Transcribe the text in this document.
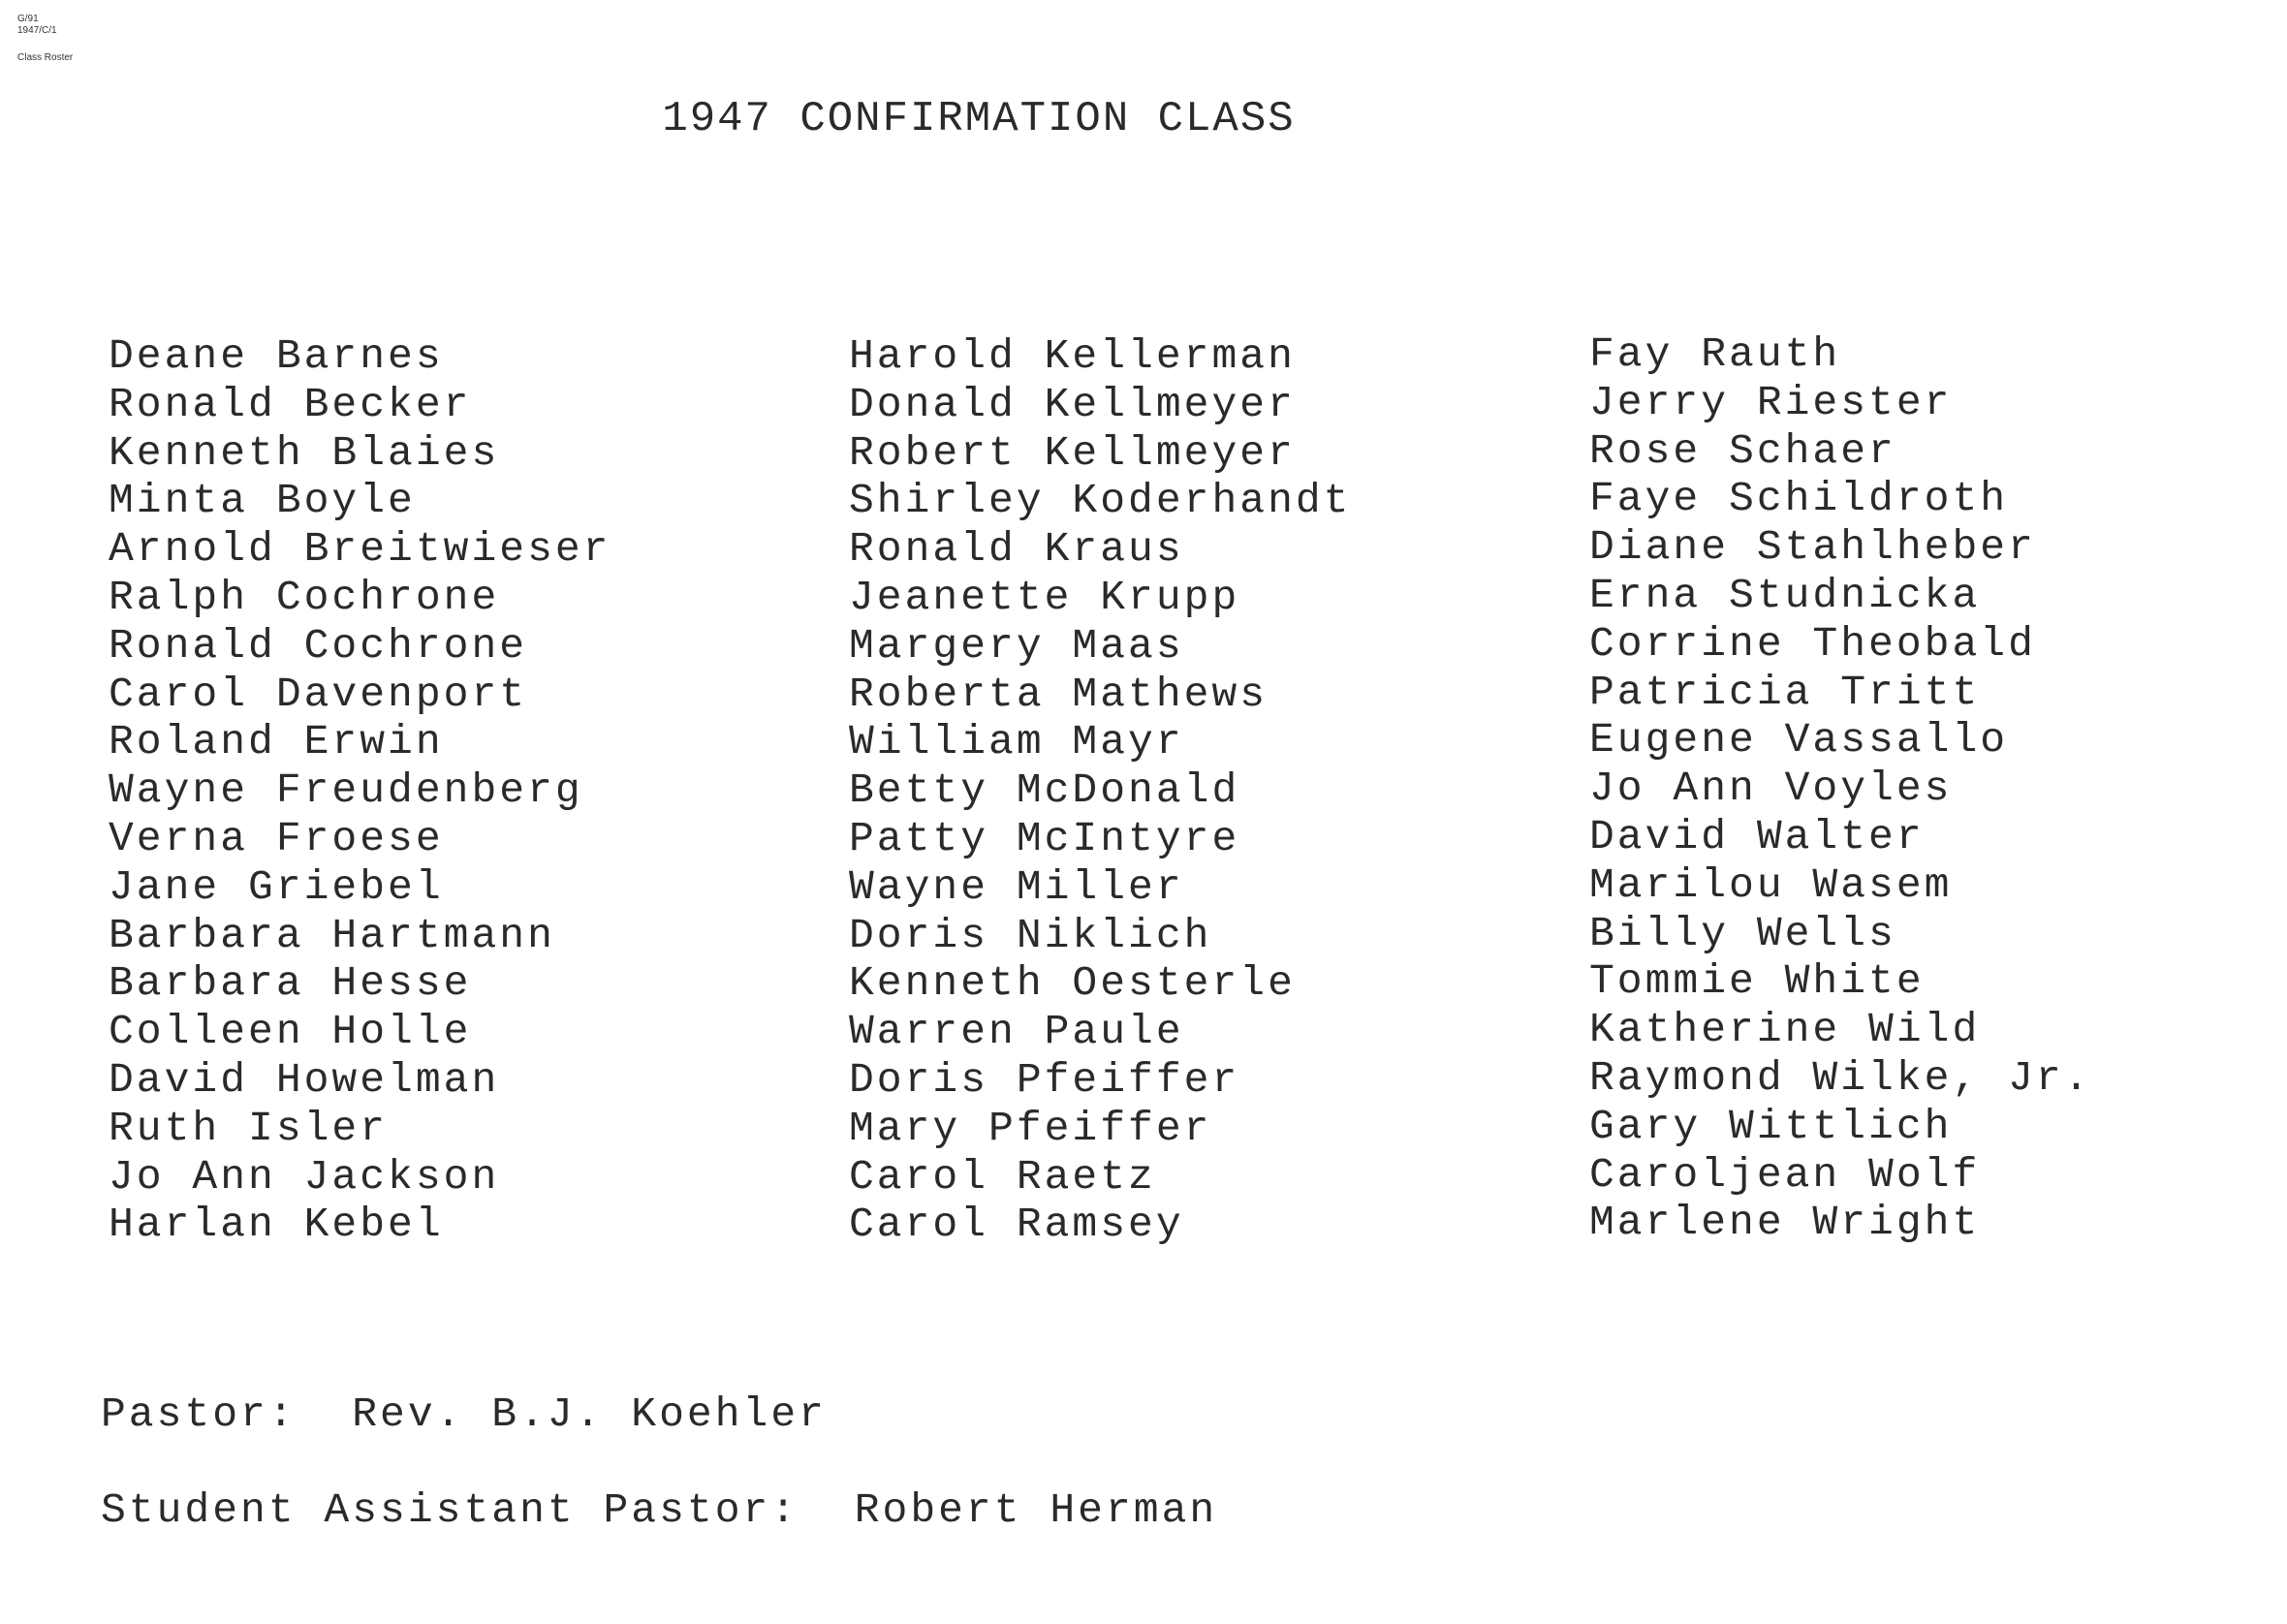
G/91
1947/C/1
Class Roster
1947 CONFIRMATION CLASS
Deane Barnes
Ronald Becker
Kenneth Blaies
Minta Boyle
Arnold Breitwieser
Ralph Cochrone
Ronald Cochrone
Carol Davenport
Roland Erwin
Wayne Freudenberg
Verna Froese
Jane Griebel
Barbara Hartmann
Barbara Hesse
Colleen Holle
David Howelman
Ruth Isler
Jo Ann Jackson
Harlan Kebel
Harold Kellerman
Donald Kellmeyer
Robert Kellmeyer
Shirley Koderhandt
Ronald Kraus
Jeanette Krupp
Margery Maas
Roberta Mathews
William Mayr
Betty McDonald
Patty McIntyre
Wayne Miller
Doris Niklich
Kenneth Oesterle
Warren Paule
Doris Pfeiffer
Mary Pfeiffer
Carol Raetz
Carol Ramsey
Fay Rauth
Jerry Riester
Rose Schaer
Faye Schildroth
Diane Stahlheber
Erna Studnicka
Corrine Theobald
Patricia Tritt
Eugene Vassallo
Jo Ann Voyles
David Walter
Marilou Wasem
Billy Wells
Tommie White
Katherine Wild
Raymond Wilke, Jr.
Gary Wittlich
Caroljean Wolf
Marlene Wright
Pastor: Rev. B.J. Koehler
Student Assistant Pastor: Robert Herman
